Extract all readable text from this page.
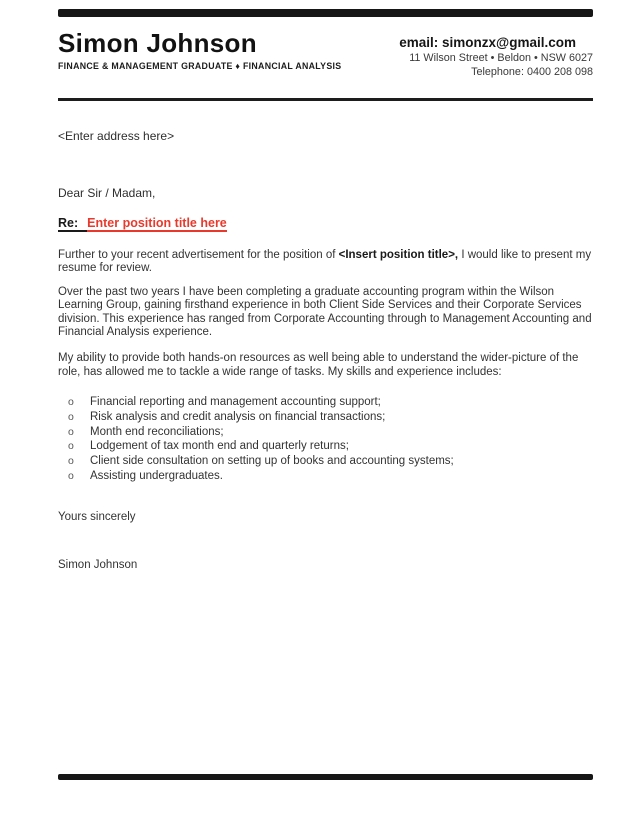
Simon Johnson
FINANCE & MANAGEMENT GRADUATE ♦ FINANCIAL ANALYSIS
email: simonzx@gmail.com
11 Wilson Street • Beldon • NSW 6027
Telephone: 0400 208 098
<Enter address here>
Dear Sir / Madam,
Re: Enter position title here

Further to your recent advertisement for the position of <Insert position title>, I would like to present my resume for review.

Over the past two years I have been completing a graduate accounting program within the Wilson Learning Group, gaining firsthand experience in both Client Side Services and their Corporate Services division. This experience has ranged from Corporate Accounting through to Management Accounting and Financial Analysis experience.

My ability to provide both hands-on resources as well being able to understand the wider-picture of the role, has allowed me to tackle a wide range of tasks. My skills and experience includes:

o	Financial reporting and management accounting support;
o	Risk analysis and credit analysis on financial transactions;
o	Month end reconciliations;
o	Lodgement of tax month end and quarterly returns;
o	Client side consultation on setting up of books and accounting systems;
o	Assisting undergraduates.

Yours sincerely
Simon Johnson
